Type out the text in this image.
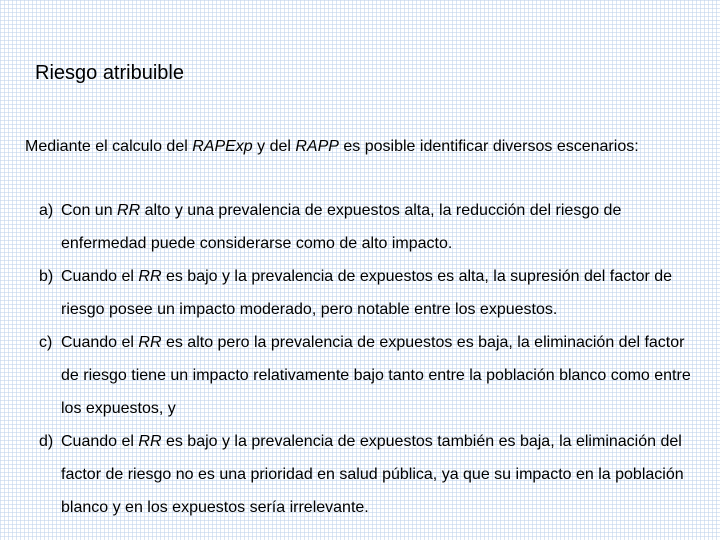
Riesgo atribuible

Mediante el calculo del RAPExp y del RAPP es posible identificar diversos escenarios:

a) Con un RR alto y una prevalencia de expuestos alta, la reducción del riesgo de enfermedad puede considerarse como de alto impacto.
b) Cuando el RR es bajo y la prevalencia de expuestos es alta, la supresión del factor de riesgo posee un impacto moderado, pero notable entre los expuestos.
c) Cuando el RR es alto pero la prevalencia de expuestos es baja, la eliminación del factor de riesgo tiene un impacto relativamente bajo tanto entre la población blanco como entre los expuestos, y
d) Cuando el RR es bajo y la prevalencia de expuestos también es baja, la eliminación del factor de riesgo no es una prioridad en salud pública, ya que su impacto en la población blanco y en los expuestos sería irrelevante.
